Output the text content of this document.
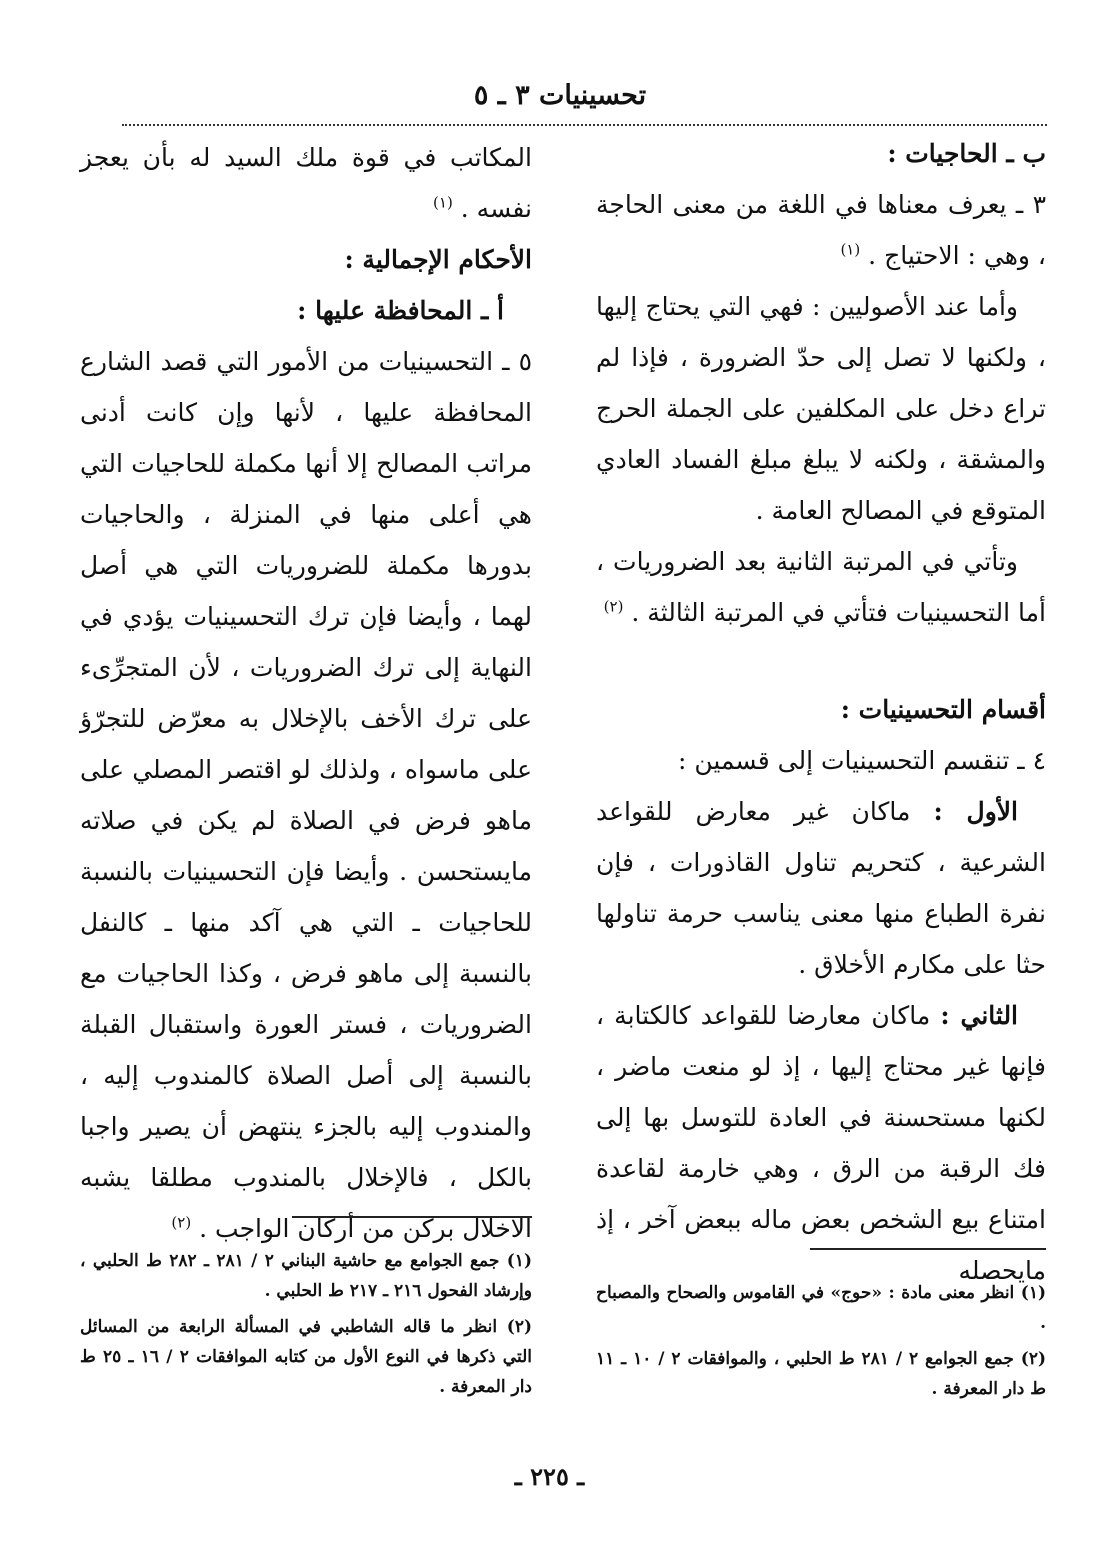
تحسينيات ٣ ـ ٥

ب ـ الحاجيات :

٣ ـ يعرف معناها في اللغة من معنى الحاجة ، وهي : الاحتياج . $^{(١)}$

وأما عند الأصوليين : فهي التي يحتاج إليها ، ولكنها لا تصل إلى حدّ الضرورة ، فإذا لم تراع دخل على المكلفين على الجملة الحرج والمشقة ، ولكنه لا يبلغ مبلغ الفساد العادي المتوقع في المصالح العامة .

وتأتي في المرتبة الثانية بعد الضروريات ، أما التحسينيات فتأتي في المرتبة الثالثة . $^{(٢)}$

أقسام التحسينيات :

٤ ـ تنقسم التحسينيات إلى قسمين :

الأول : ماكان غير معارض للقواعد الشرعية ، كتحريم تناول القاذورات ، فإن نفرة الطباع منها معنى يناسب حرمة تناولها حثا على مكارم الأخلاق .

الثاني : ماكان معارضا للقواعد كالكتابة ، فإنها غير محتاج إليها ، إذ لو منعت ماضر ، لكنها مستحسنة في العادة للتوسل بها إلى فك الرقبة من الرق ، وهي خارمة لقاعدة امتناع بيع الشخص بعض ماله ببعض آخر ، إذ مايحصله

المكاتب في قوة ملك السيد له بأن يعجز نفسه . $^{(١)}$

الأحكام الإجمالية :

أ ـ المحافظة عليها :

٥ ـ التحسينيات من الأمور التي قصد الشارع المحافظة عليها ، لأنها وإن كانت أدنى مراتب المصالح إلا أنها مكملة للحاجيات التي هي أعلى منها في المنزلة ، والحاجيات بدورها مكملة للضروريات التي هي أصل لهما ، وأيضا فإن ترك التحسينيات يؤدي في النهاية إلى ترك الضروريات ، لأن المتجرِّىء على ترك الأخف بالإخلال به معرّض للتجرّؤ على ماسواه ، ولذلك لو اقتصر المصلي على ماهو فرض في الصلاة لم يكن في صلاته مايستحسن . وأيضا فإن التحسينيات بالنسبة للحاجيات ـ التي هي آكد منها ـ كالنفل بالنسبة إلى ماهو فرض ، وكذا الحاجيات مع الضروريات ، فستر العورة واستقبال القبلة بالنسبة إلى أصل الصلاة كالمندوب إليه ، والمندوب إليه بالجزء ينتهض أن يصير واجبا بالكل ، فالإخلال بالمندوب مطلقا يشبه الاخلال بركن من أركان الواجب . $^{(٢)}$

(١) انظر معنى مادة : «حوج» في القاموس والصحاح والمصباح .

(٢) جمع الجوامع ٢ / ٢٨١ ط الحلبي ، والموافقات ٢ / ١٠ ـ ١١ ط دار المعرفة .

(١) جمع الجوامع مع حاشية البناني ٢ / ٢٨١ ـ ٢٨٢ ط الحلبي ، وإرشاد الفحول ٢١٦ ـ ٢١٧ ط الحلبي .

(٢) انظر ما قاله الشاطبي في المسألة الرابعة من المسائل التي ذكرها في النوع الأول من كتابه الموافقات ٢ / ١٦ ـ ٢٥ ط دار المعرفة .

ـ ٢٢٥ ـ
